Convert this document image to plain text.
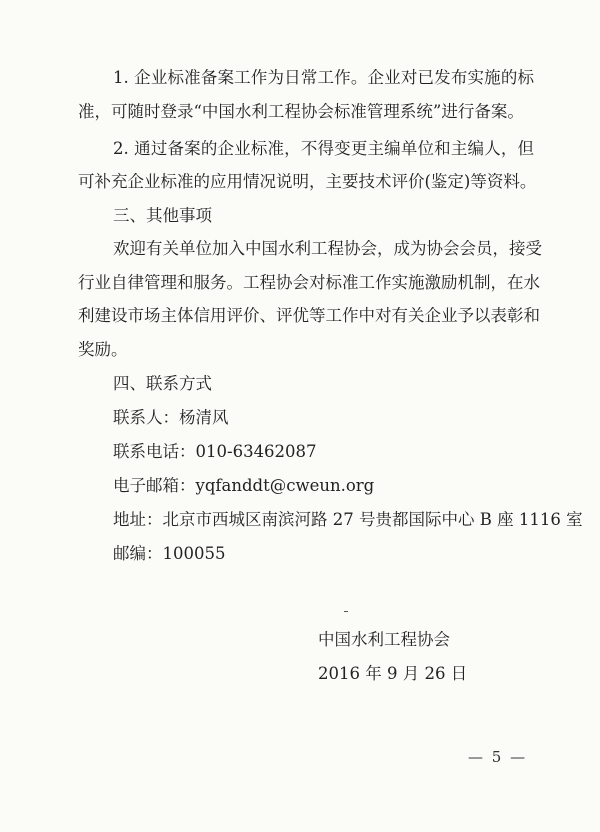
1. 企业标准备案工作为日常工作。企业对已发布实施的标
准，可随时登录“中国水利工程协会标准管理系统”进行备案。
2. 通过备案的企业标准，不得变更主编单位和主编人，但
可补充企业标准的应用情况说明，主要技术评价(鉴定)等资料。
三、其他事项
欢迎有关单位加入中国水利工程协会，成为协会会员，接受
行业自律管理和服务。工程协会对标准工作实施激励机制，在水
利建设市场主体信用评价、评优等工作中对有关企业予以表彰和
奖励。
四、联系方式
联系人：杨清风
联系电话：010-63462087
电子邮箱：yqfanddt@cweun.org
地址：北京市西城区南滨河路 27 号贵都国际中心 B 座 1116 室
邮编：100055
中国水利工程协会
2016 年 9 月 26 日
— 5 —
